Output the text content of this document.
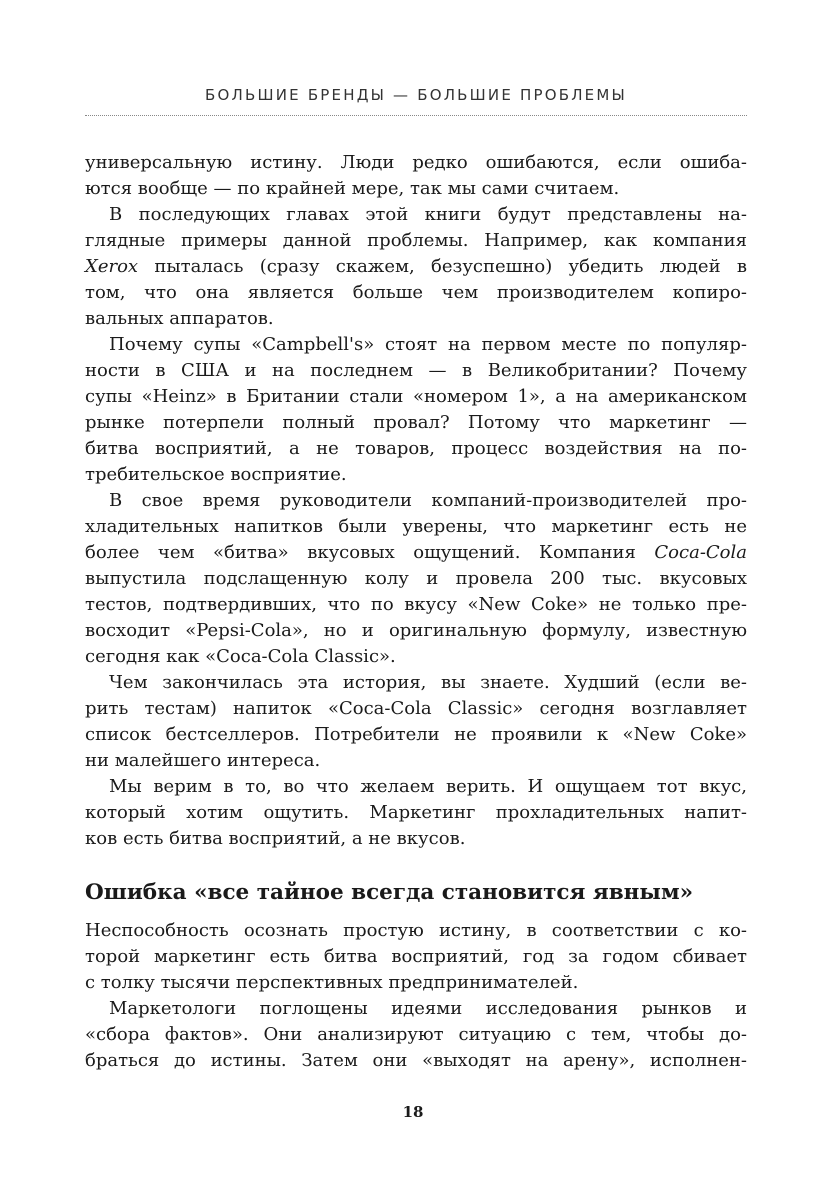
БОЛЬШИЕ БРЕНДЫ — БОЛЬШИЕ ПРОБЛЕМЫ
универсальную истину. Люди редко ошибаются, если ошиба-
ются вообще — по крайней мере, так мы сами считаем.
В последующих главах этой книги будут представлены на-
глядные примеры данной проблемы. Например, как компания
Xerox пыталась (сразу скажем, безуспешно) убедить людей в
том, что она является больше чем производителем копиро-
вальных аппаратов.
Почему супы «Campbell's» стоят на первом месте по популяр-
ности в США и на последнем — в Великобритании? Почему
супы «Heinz» в Британии стали «номером 1», а на американском
рынке потерпели полный провал? Потому что маркетинг —
битва восприятий, а не товаров, процесс воздействия на по-
требительское восприятие.
В свое время руководители компаний-производителей про-
хладительных напитков были уверены, что маркетинг есть не
более чем «битва» вкусовых ощущений. Компания Coca-Cola
выпустила подслащенную колу и провела 200 тыс. вкусовых
тестов, подтвердивших, что по вкусу «New Coke» не только пре-
восходит «Pepsi-Cola», но и оригинальную формулу, известную
сегодня как «Coca-Cola Classic».
Чем закончилась эта история, вы знаете. Худший (если ве-
рить тестам) напиток «Coca-Cola Classic» сегодня возглавляет
список бестселлеров. Потребители не проявили к «New Coke»
ни малейшего интереса.
Мы верим в то, во что желаем верить. И ощущаем тот вкус,
который хотим ощутить. Маркетинг прохладительных напит-
ков есть битва восприятий, а не вкусов.
Ошибка «все тайное всегда становится явным»
Неспособность осознать простую истину, в соответствии с ко-
торой маркетинг есть битва восприятий, год за годом сбивает
с толку тысячи перспективных предпринимателей.
Маркетологи поглощены идеями исследования рынков и
«сбора фактов». Они анализируют ситуацию с тем, чтобы до-
браться до истины. Затем они «выходят на арену», исполнен-
18
